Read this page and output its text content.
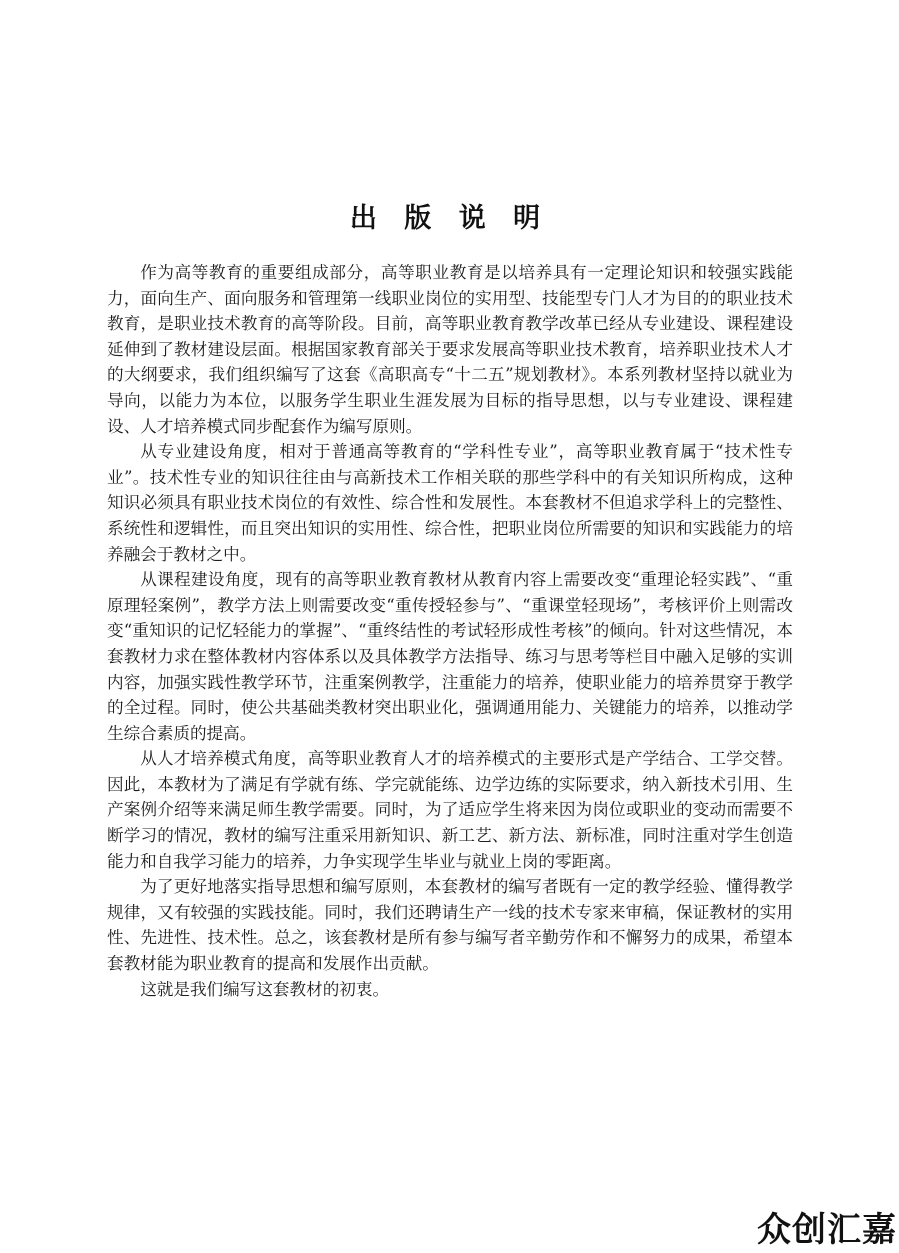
出 版 说 明

作为高等教育的重要组成部分，高等职业教育是以培养具有一定理论知识和较强实践能力，面向生产、面向服务和管理第一线职业岗位的实用型、技能型专门人才为目的的职业技术教育，是职业技术教育的高等阶段。目前，高等职业教育教学改革已经从专业建设、课程建设延伸到了教材建设层面。根据国家教育部关于要求发展高等职业技术教育，培养职业技术人才的大纲要求，我们组织编写了这套《高职高专“十二五”规划教材》。本系列教材坚持以就业为导向，以能力为本位，以服务学生职业生涯发展为目标的指导思想，以与专业建设、课程建设、人才培养模式同步配套作为编写原则。

从专业建设角度，相对于普通高等教育的“学科性专业”，高等职业教育属于“技术性专业”。技术性专业的知识往往由与高新技术工作相关联的那些学科中的有关知识所构成，这种知识必须具有职业技术岗位的有效性、综合性和发展性。本套教材不但追求学科上的完整性、系统性和逻辑性，而且突出知识的实用性、综合性，把职业岗位所需要的知识和实践能力的培养融会于教材之中。

从课程建设角度，现有的高等职业教育教材从教育内容上需要改变“重理论轻实践”、“重原理轻案例”，教学方法上则需要改变“重传授轻参与”、“重课堂轻现场”，考核评价上则需改变“重知识的记忆轻能力的掌握”、“重终结性的考试轻形成性考核”的倾向。针对这些情况，本套教材力求在整体教材内容体系以及具体教学方法指导、练习与思考等栏目中融入足够的实训内容，加强实践性教学环节，注重案例教学，注重能力的培养，使职业能力的培养贯穿于教学的全过程。同时，使公共基础类教材突出职业化，强调通用能力、关键能力的培养，以推动学生综合素质的提高。

从人才培养模式角度，高等职业教育人才的培养模式的主要形式是产学结合、工学交替。因此，本教材为了满足有学就有练、学完就能练、边学边练的实际要求，纳入新技术引用、生产案例介绍等来满足师生教学需要。同时，为了适应学生将来因为岗位或职业的变动而需要不断学习的情况，教材的编写注重采用新知识、新工艺、新方法、新标准，同时注重对学生创造能力和自我学习能力的培养，力争实现学生毕业与就业上岗的零距离。

为了更好地落实指导思想和编写原则，本套教材的编写者既有一定的教学经验、懂得教学规律，又有较强的实践技能。同时，我们还聘请生产一线的技术专家来审稿，保证教材的实用性、先进性、技术性。总之，该套教材是所有参与编写者辛勤劳作和不懈努力的成果，希望本套教材能为职业教育的提高和发展作出贡献。

这就是我们编写这套教材的初衷。

众创汇嘉
